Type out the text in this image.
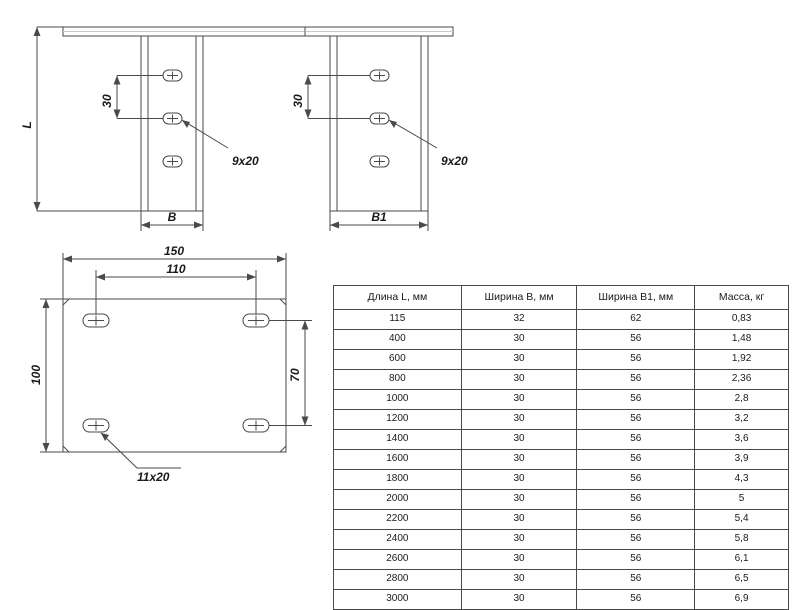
L
30
B
9x20
30
B1
9x20
150
110
100	70
11x20
Длина L, мм	Ширина B, мм	Ширина B1, мм	Масса, кг
115	32	62	0,83
400	30	56	1,48
600	30	56	1,92
800	30	56	2,36
1000	30	56	2,8
1200	30	56	3,2
1400	30	56	3,6
1600	30	56	3,9
1800	30	56	4,3
2000	30	56	5
2200	30	56	5,4
2400	30	56	5,8
2600	30	56	6,1
2800	30	56	6,5
3000	30	56	6,9
